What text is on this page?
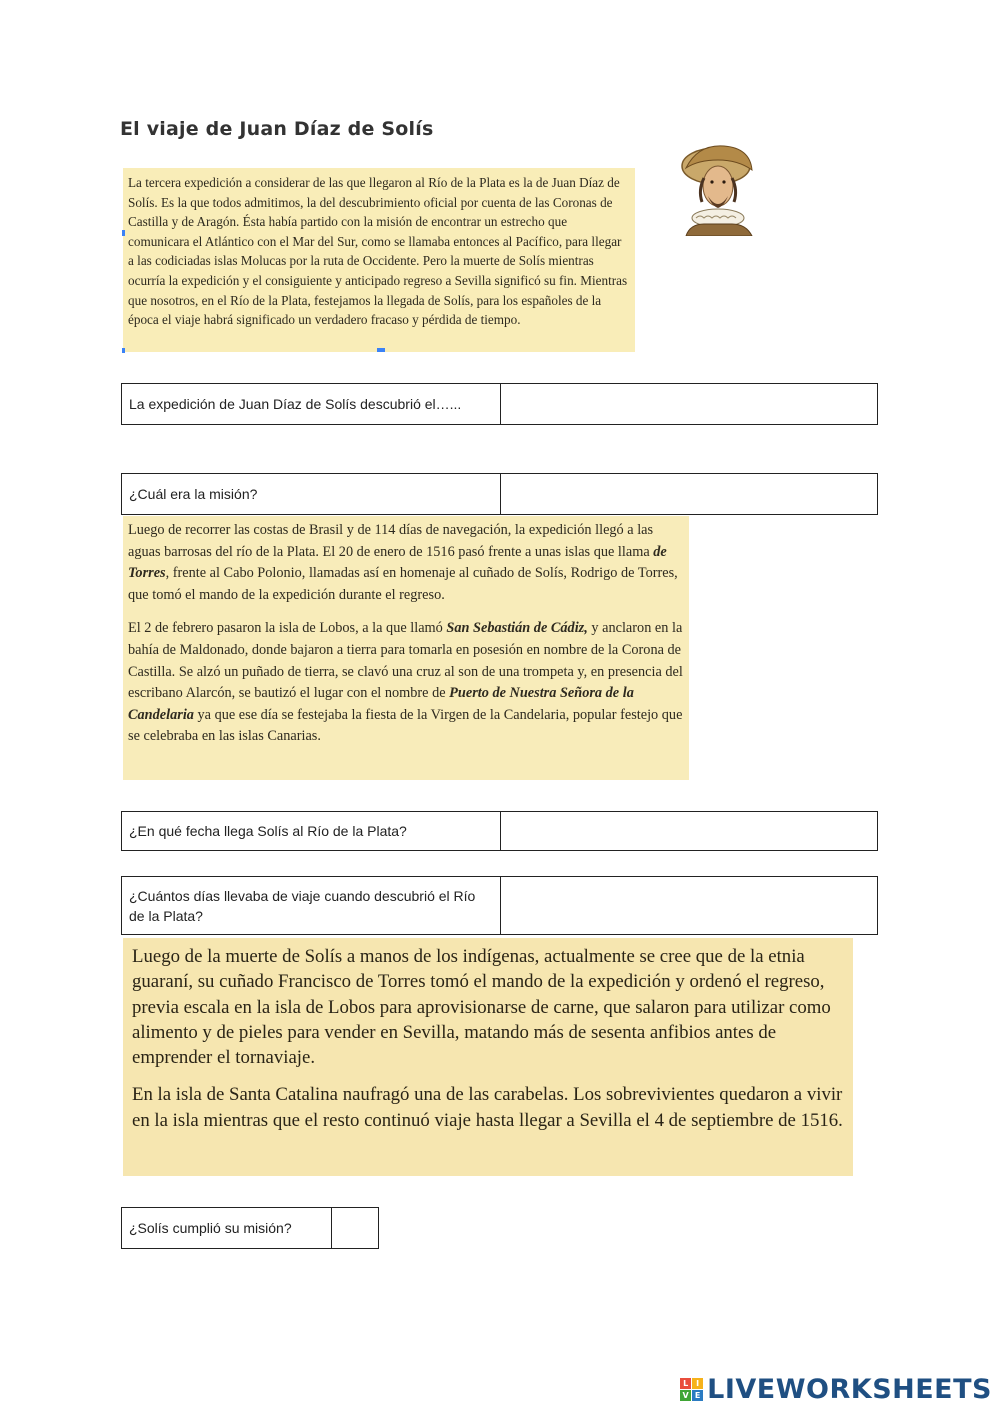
El viaje de Juan Díaz de Solís

La tercera expedición a considerar de las que llegaron al Río de la Plata es la de Juan Díaz de Solís. Es la que todos admitimos, la del descubrimiento oficial por cuenta de las Coronas de Castilla y de Aragón. Ésta había partido con la misión de encontrar un estrecho que comunicara el Atlántico con el Mar del Sur, como se llamaba entonces al Pacífico, para llegar a las codiciadas islas Molucas por la ruta de Occidente. Pero la muerte de Solís mientras ocurría la expedición y el consiguiente y anticipado regreso a Sevilla significó su fin. Mientras que nosotros, en el Río de la Plata, festejamos la llegada de Solís, para los españoles de la época el viaje habrá significado un verdadero fracaso y pérdida de tiempo.

La expedición de Juan Díaz de Solís descubrió el…...
¿Cuál era la misión?

Luego de recorrer las costas de Brasil y de 114 días de navegación, la expedición llegó a las aguas barrosas del río de la Plata. El 20 de enero de 1516 pasó frente a unas islas que llama de Torres, frente al Cabo Polonio, llamadas así en homenaje al cuñado de Solís, Rodrigo de Torres, que tomó el mando de la expedición durante el regreso.

El 2 de febrero pasaron la isla de Lobos, a la que llamó San Sebastián de Cádiz, y anclaron en la bahía de Maldonado, donde bajaron a tierra para tomarla en posesión en nombre de la Corona de Castilla. Se alzó un puñado de tierra, se clavó una cruz al son de una trompeta y, en presencia del escribano Alarcón, se bautizó el lugar con el nombre de Puerto de Nuestra Señora de la Candelaria ya que ese día se festejaba la fiesta de la Virgen de la Candelaria, popular festejo que se celebraba en las islas Canarias.

¿En qué fecha llega Solís al Río de la Plata?
¿Cuántos días llevaba de viaje cuando descubrió el Río de la Plata?

Luego de la muerte de Solís a manos de los indígenas, actualmente se cree que de la etnia guaraní, su cuñado Francisco de Torres tomó el mando de la expedición y ordenó el regreso, previa escala en la isla de Lobos para aprovisionarse de carne, que salaron para utilizar como alimento y de pieles para vender en Sevilla, matando más de sesenta anfibios antes de emprender el tornaviaje.

En la isla de Santa Catalina naufragó una de las carabelas. Los sobrevivientes quedaron a vivir en la isla mientras que el resto continuó viaje hasta llegar a Sevilla el 4 de septiembre de 1516.

¿Solís cumplió su misión?
L I
V E LIVEWORKSHEETS
